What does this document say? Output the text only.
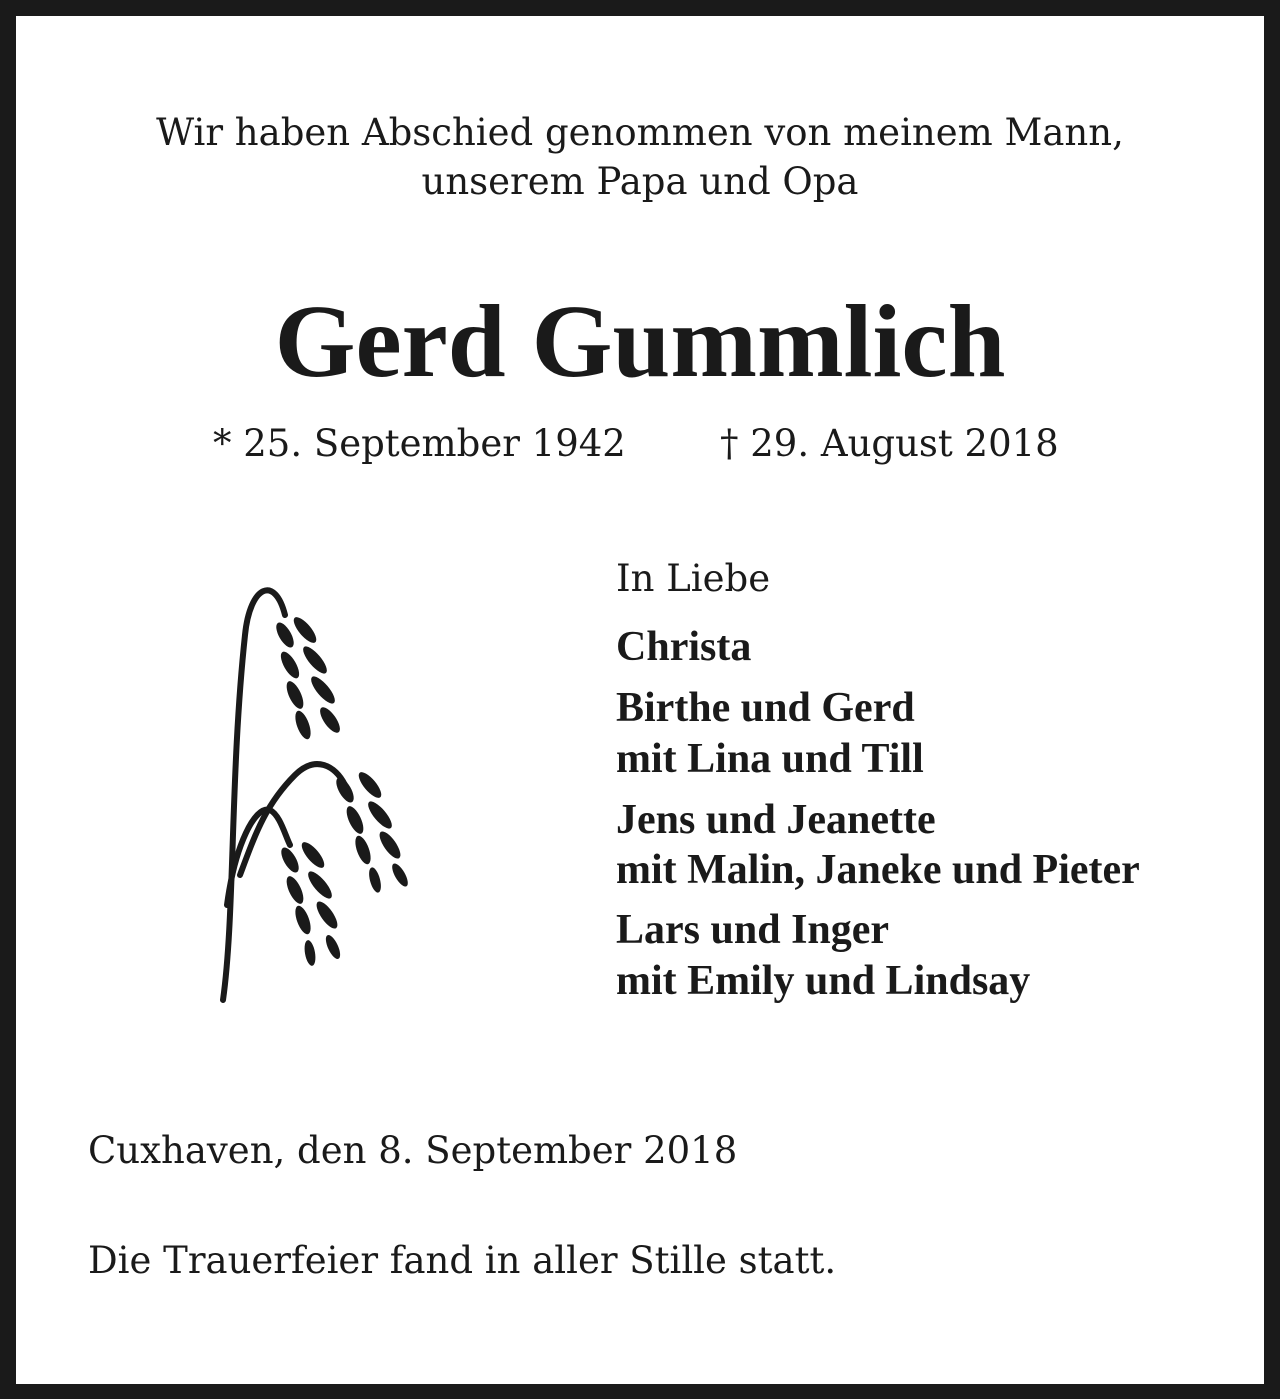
Wir haben Abschied genommen von meinem Mann,
unserem Papa und Opa
Gerd Gummlich
* 25. September 1942	† 29. August 2018
In Liebe
Christa
Birthe und Gerd
mit Lina und Till
Jens und Jeanette
mit Malin, Janeke und Pieter
Lars und Inger
mit Emily und Lindsay
Cuxhaven, den 8. September 2018
Die Trauerfeier fand in aller Stille statt.
